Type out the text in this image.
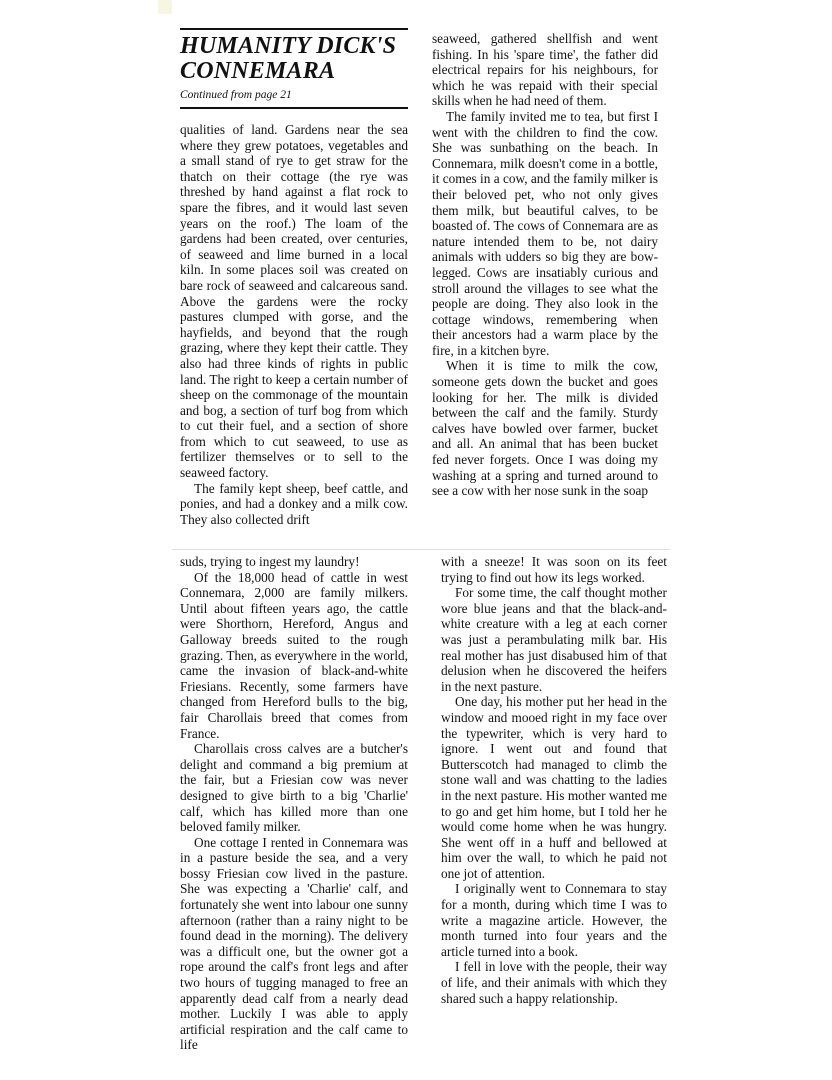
HUMANITY DICK'S CONNEMARA
Continued from page 21

qualities of land. Gardens near the sea where they grew potatoes, vegetables and a small stand of rye to get straw for the thatch on their cottage (the rye was threshed by hand against a flat rock to spare the fibres, and it would last seven years on the roof.) The loam of the gardens had been created, over centuries, of seaweed and lime burned in a local kiln. In some places soil was created on bare rock of seaweed and calcareous sand. Above the gardens were the rocky pastures clumped with gorse, and the hayfields, and beyond that the rough grazing, where they kept their cattle. They also had three kinds of rights in public land. The right to keep a certain number of sheep on the commonage of the mountain and bog, a section of turf bog from which to cut their fuel, and a section of shore from which to cut seaweed, to use as fertilizer themselves or to sell to the seaweed factory.

The family kept sheep, beef cattle, and ponies, and had a donkey and a milk cow. They also collected drift

seaweed, gathered shellfish and went fishing. In his 'spare time', the father did electrical repairs for his neighbours, for which he was repaid with their special skills when he had need of them.

The family invited me to tea, but first I went with the children to find the cow. She was sunbathing on the beach. In Connemara, milk doesn't come in a bottle, it comes in a cow, and the family milker is their beloved pet, who not only gives them milk, but beautiful calves, to be boasted of. The cows of Connemara are as nature intended them to be, not dairy animals with udders so big they are bow-legged. Cows are insatiably curious and stroll around the villages to see what the people are doing. They also look in the cottage windows, remembering when their ancestors had a warm place by the fire, in a kitchen byre.

When it is time to milk the cow, someone gets down the bucket and goes looking for her. The milk is divided between the calf and the family. Sturdy calves have bowled over farmer, bucket and all. An animal that has been bucket fed never forgets. Once I was doing my washing at a spring and turned around to see a cow with her nose sunk in the soap

suds, trying to ingest my laundry!

Of the 18,000 head of cattle in west Connemara, 2,000 are family milkers. Until about fifteen years ago, the cattle were Shorthorn, Hereford, Angus and Galloway breeds suited to the rough grazing. Then, as everywhere in the world, came the invasion of black-and-white Friesians. Recently, some farmers have changed from Hereford bulls to the big, fair Charollais breed that comes from France.

Charollais cross calves are a butcher's delight and command a big premium at the fair, but a Friesian cow was never designed to give birth to a big 'Charlie' calf, which has killed more than one beloved family milker.

One cottage I rented in Connemara was in a pasture beside the sea, and a very bossy Friesian cow lived in the pasture. She was expecting a 'Charlie' calf, and fortunately she went into labour one sunny afternoon (rather than a rainy night to be found dead in the morning). The delivery was a difficult one, but the owner got a rope around the calf's front legs and after two hours of tugging managed to free an apparently dead calf from a nearly dead mother. Luckily I was able to apply artificial respiration and the calf came to life

with a sneeze! It was soon on its feet trying to find out how its legs worked.

For some time, the calf thought mother wore blue jeans and that the black-and-white creature with a leg at each corner was just a perambulating milk bar. His real mother has just disabused him of that delusion when he discovered the heifers in the next pasture.

One day, his mother put her head in the window and mooed right in my face over the typewriter, which is very hard to ignore. I went out and found that Butterscotch had managed to climb the stone wall and was chatting to the ladies in the next pasture. His mother wanted me to go and get him home, but I told her he would come home when he was hungry. She went off in a huff and bellowed at him over the wall, to which he paid not one jot of attention.

I originally went to Connemara to stay for a month, during which time I was to write a magazine article. However, the month turned into four years and the article turned into a book.

I fell in love with the people, their way of life, and their animals with which they shared such a happy relationship.
